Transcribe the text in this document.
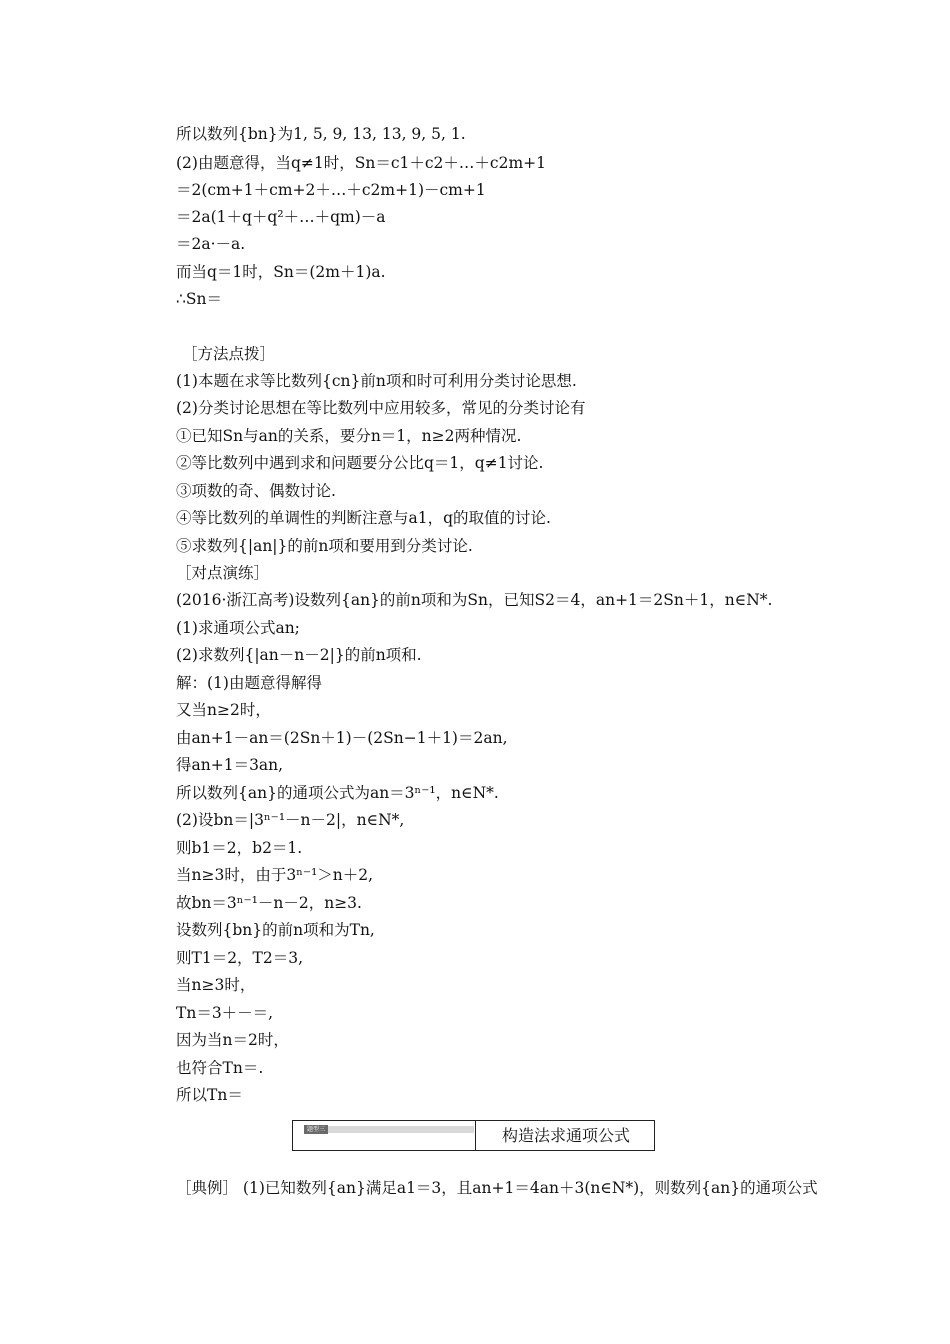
所以数列{bn}为1, 5, 9, 13, 13, 9, 5, 1.
(2)由题意得，当q≠1时，Sn＝c1＋c2＋…＋c2m+1
＝2(cm+1＋cm+2＋…＋c2m+1)－cm+1
＝2a(1＋q＋q²＋…＋qm)－a
＝2a·－a.
而当q＝1时，Sn＝(2m＋1)a.
∴Sn＝
［方法点拨］
(1)本题在求等比数列{cn}前n项和时可利用分类讨论思想.
(2)分类讨论思想在等比数列中应用较多，常见的分类讨论有
①已知Sn与an的关系，要分n＝1，n≥2两种情况.
②等比数列中遇到求和问题要分公比q＝1，q≠1讨论.
③项数的奇、偶数讨论.
④等比数列的单调性的判断注意与a1，q的取值的讨论.
⑤求数列{|an|}的前n项和要用到分类讨论.
［对点演练］
(2016·浙江高考)设数列{an}的前n项和为Sn，已知S2＝4，an+1＝2Sn＋1，n∈N*.
(1)求通项公式an;
(2)求数列{|an－n－2|}的前n项和.
解：(1)由题意得解得
又当n≥2时，
由an+1－an＝(2Sn＋1)－(2Sn−1＋1)＝2an,
得an+1＝3an,
所以数列{an}的通项公式为an＝3ⁿ⁻¹，n∈N*.
(2)设bn＝|3ⁿ⁻¹－n－2|，n∈N*,
则b1＝2，b2＝1.
当n≥3时，由于3ⁿ⁻¹＞n＋2,
故bn＝3ⁿ⁻¹－n－2，n≥3.
设数列{bn}的前n项和为Tn,
则T1＝2，T2＝3,
当n≥3时，
Tn＝3＋－＝,
因为当n＝2时，
也符合Tn＝.
所以Tn＝
题型三	构造法求通项公式
［典例］ (1)已知数列{an}满足a1＝3，且an+1＝4an＋3(n∈N*)，则数列{an}的通项公式
